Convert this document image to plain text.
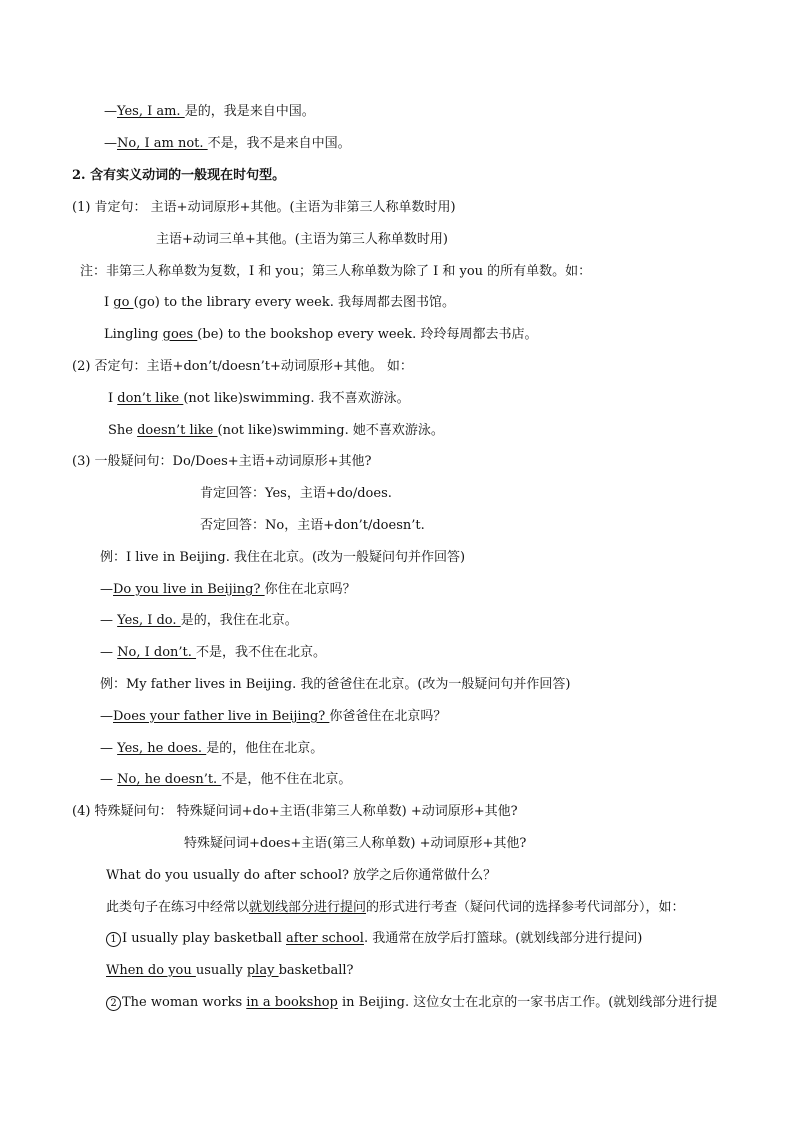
—Yes, I am. 是的，我是来自中国。
—No, I am not. 不是，我不是来自中国。
2. 含有实义动词的一般现在时句型。
(1) 肯定句： 主语+动词原形+其他。(主语为非第三人称单数时用)
主语+动词三单+其他。(主语为第三人称单数时用)
注：非第三人称单数为复数，I 和 you；第三人称单数为除了 I 和 you 的所有单数。如：
I go (go) to the library every week. 我每周都去图书馆。
Lingling goes (be) to the bookshop every week. 玲玲每周都去书店。
(2) 否定句：主语+don’t/doesn’t+动词原形+其他。 如：
I don’t like (not like)swimming. 我不喜欢游泳。
She doesn’t like (not like)swimming. 她不喜欢游泳。
(3) 一般疑问句：Do/Does+主语+动词原形+其他?
肯定回答：Yes，主语+do/does.
否定回答：No，主语+don’t/doesn’t.
例：I live in Beijing. 我住在北京。(改为一般疑问句并作回答)
—Do you live in Beijing? 你住在北京吗？
— Yes, I do. 是的，我住在北京。
— No, I don’t. 不是，我不住在北京。
例：My father lives in Beijing. 我的爸爸住在北京。(改为一般疑问句并作回答)
—Does your father live in Beijing? 你爸爸住在北京吗？
— Yes, he does. 是的，他住在北京。
— No, he doesn’t. 不是，他不住在北京。
(4) 特殊疑问句： 特殊疑问词+do+主语(非第三人称单数) +动词原形+其他?
特殊疑问词+does+主语(第三人称单数) +动词原形+其他?
What do you usually do after school? 放学之后你通常做什么？
此类句子在练习中经常以就划线部分进行提问的形式进行考查（疑问代词的选择参考代词部分），如：
1 I usually play basketball after school. 我通常在放学后打篮球。(就划线部分进行提问)
When do you usually play basketball?
2 The woman works in a bookshop in Beijing. 这位女士在北京的一家书店工作。(就划线部分进行提
